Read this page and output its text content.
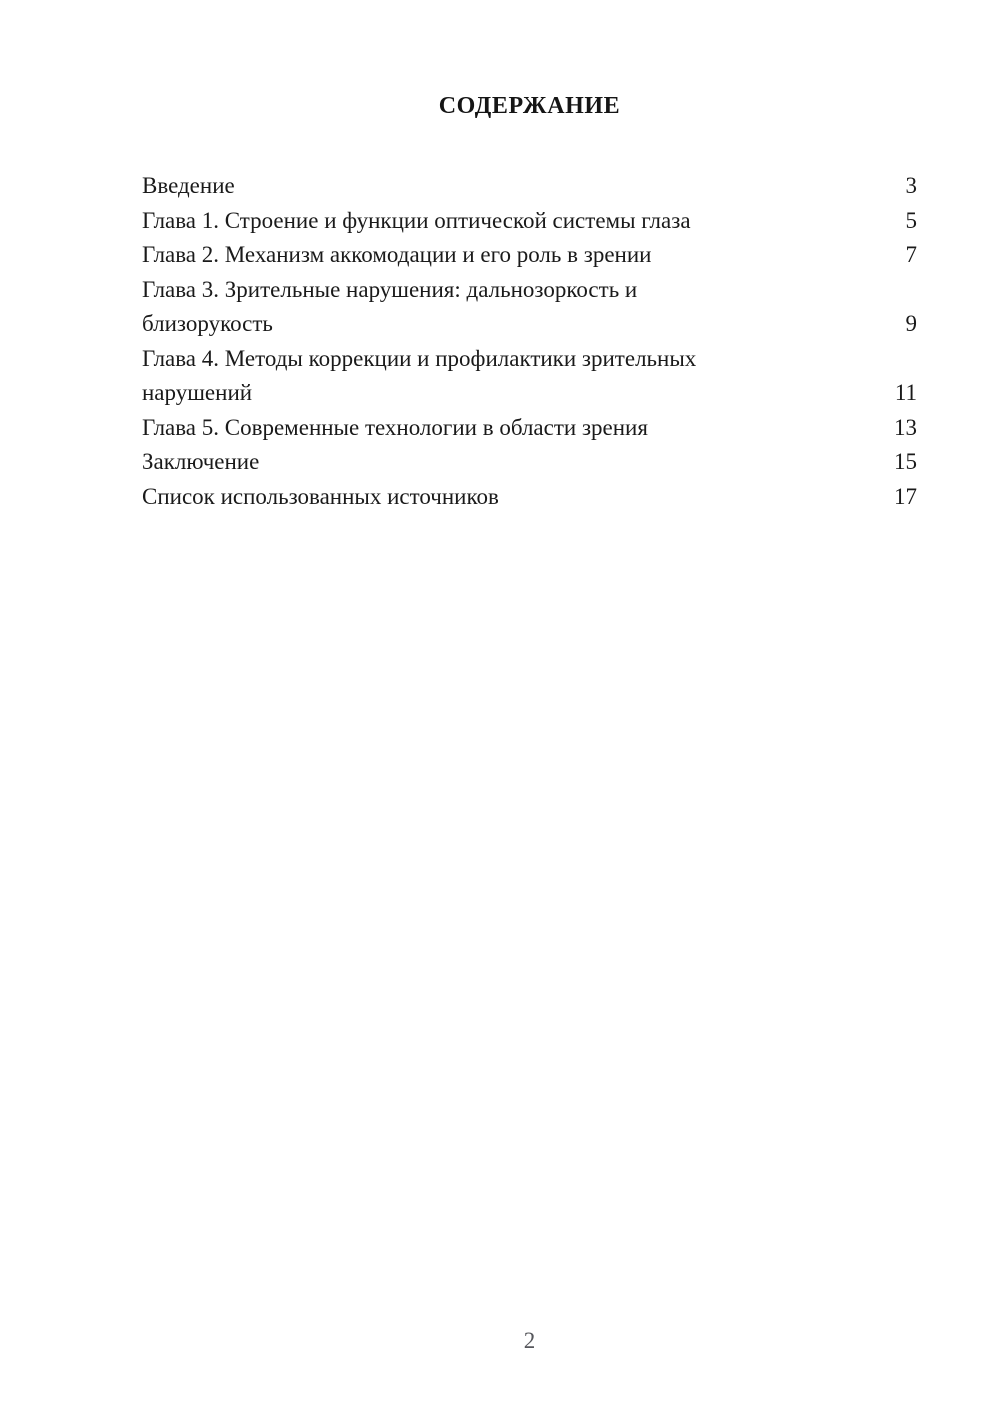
СОДЕРЖАНИЕ
Введение	3
Глава 1. Строение и функции оптической системы глаза	5
Глава 2. Механизм аккомодации и его роль в зрении	7
Глава 3. Зрительные нарушения: дальнозоркость и
близорукость	9
Глава 4. Методы коррекции и профилактики зрительных
нарушений	11
Глава 5. Современные технологии в области зрения	13
Заключение	15
Список использованных источников	17
2
